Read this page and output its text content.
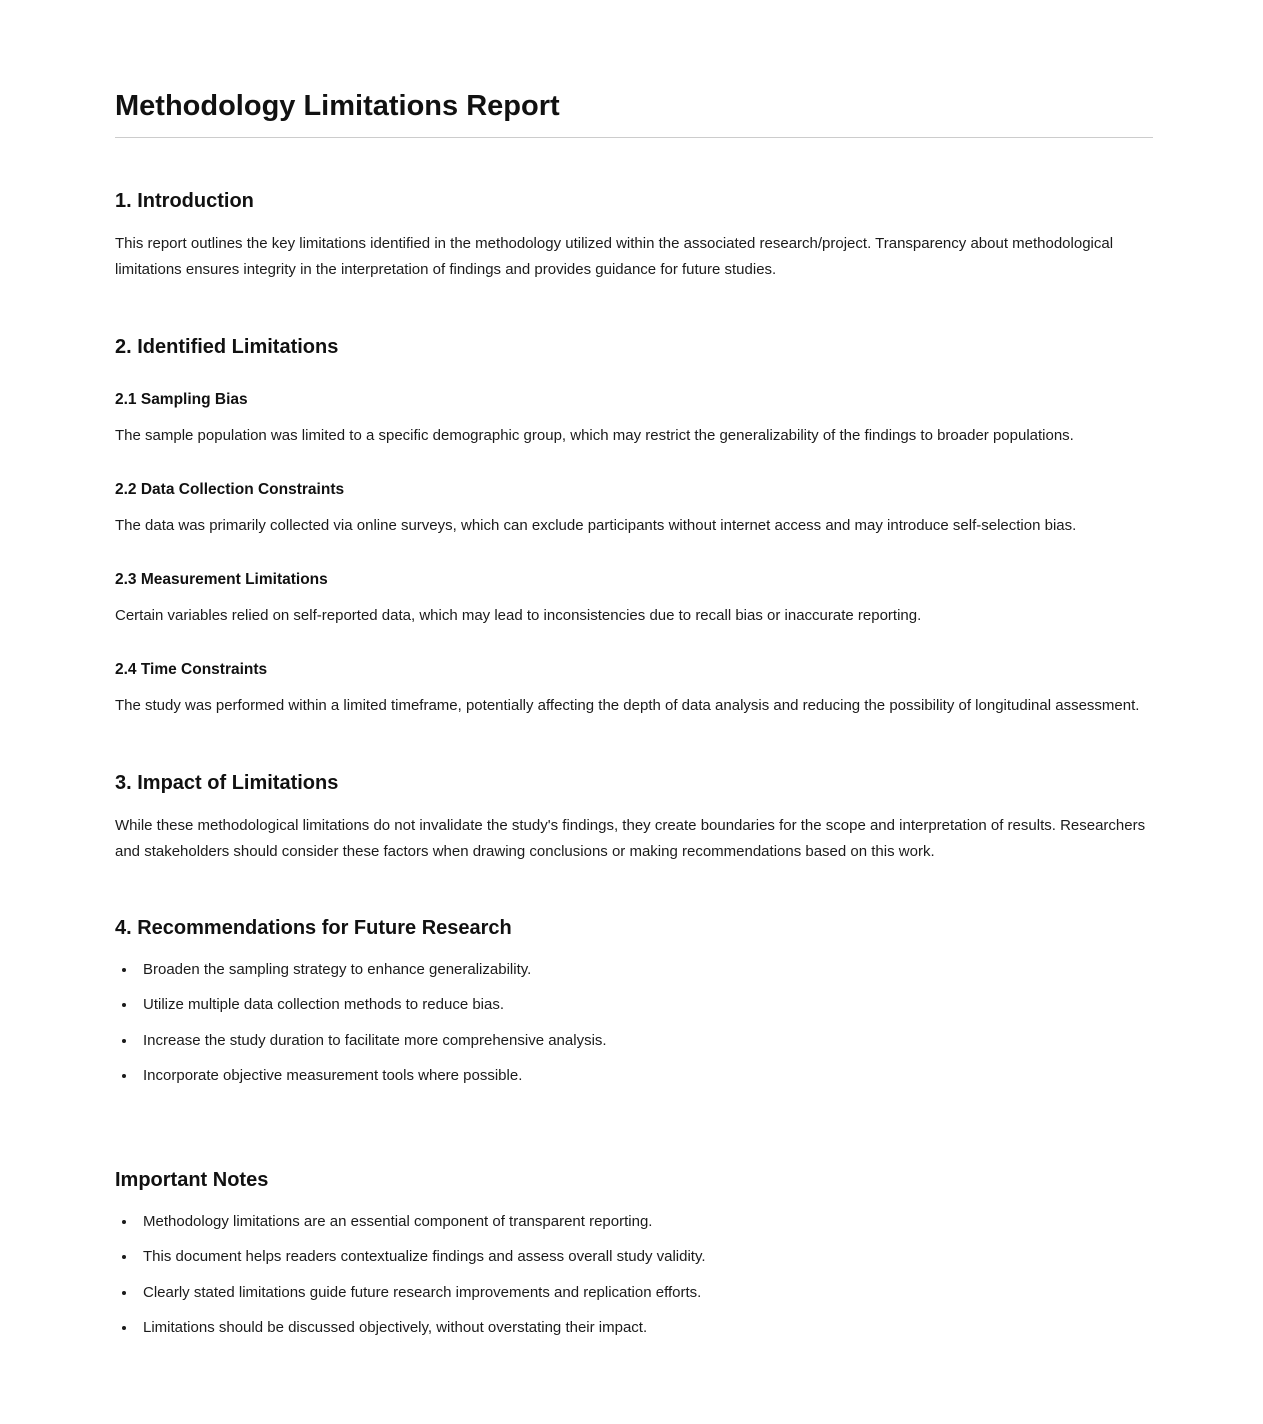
Methodology Limitations Report
1. Introduction

This report outlines the key limitations identified in the methodology utilized within the associated research/project. Transparency about methodological limitations ensures integrity in the interpretation of findings and provides guidance for future studies.

2. Identified Limitations
2.1 Sampling Bias

The sample population was limited to a specific demographic group, which may restrict the generalizability of the findings to broader populations.

2.2 Data Collection Constraints

The data was primarily collected via online surveys, which can exclude participants without internet access and may introduce self-selection bias.

2.3 Measurement Limitations

Certain variables relied on self-reported data, which may lead to inconsistencies due to recall bias or inaccurate reporting.

2.4 Time Constraints

The study was performed within a limited timeframe, potentially affecting the depth of data analysis and reducing the possibility of longitudinal assessment.

3. Impact of Limitations

While these methodological limitations do not invalidate the study's findings, they create boundaries for the scope and interpretation of results. Researchers and stakeholders should consider these factors when drawing conclusions or making recommendations based on this work.

4. Recommendations for Future Research
• Broaden the sampling strategy to enhance generalizability.
• Utilize multiple data collection methods to reduce bias.
• Increase the study duration to facilitate more comprehensive analysis.
• Incorporate objective measurement tools where possible.
Important Notes
• Methodology limitations are an essential component of transparent reporting.
• This document helps readers contextualize findings and assess overall study validity.
• Clearly stated limitations guide future research improvements and replication efforts.
• Limitations should be discussed objectively, without overstating their impact.
